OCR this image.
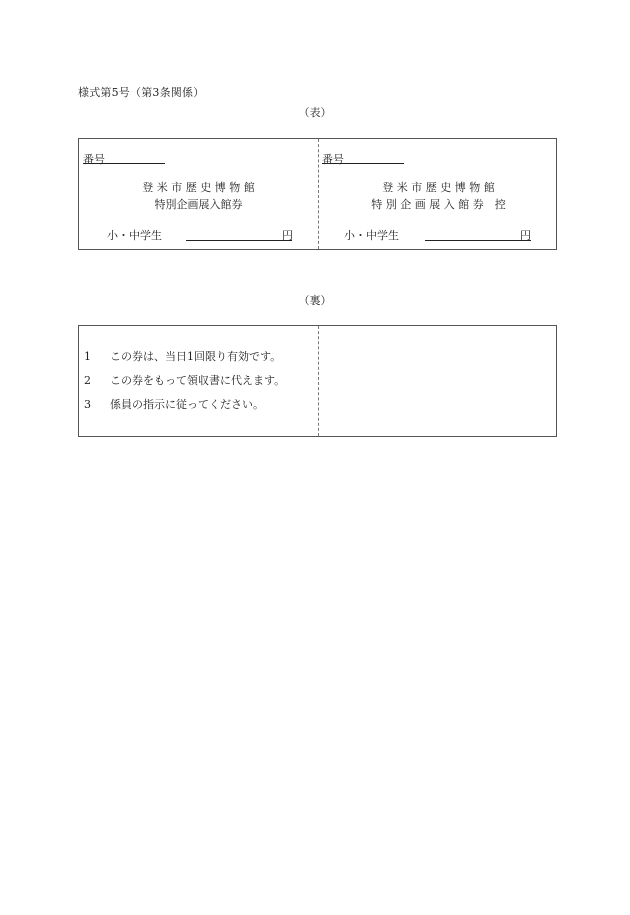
様式第5号（第3条関係）
（表）
番号
登 米 市 歴 史 博 物 館
特別企画展入館券
小・中学生	円
番号
登 米 市 歴 史 博 物 館
特 別 企 画 展 入 館 券　控
小・中学生	円
（裏）
1 この券は、当日1回限り有効です。
2 この券をもって領収書に代えます。
3 係員の指示に従ってください。
